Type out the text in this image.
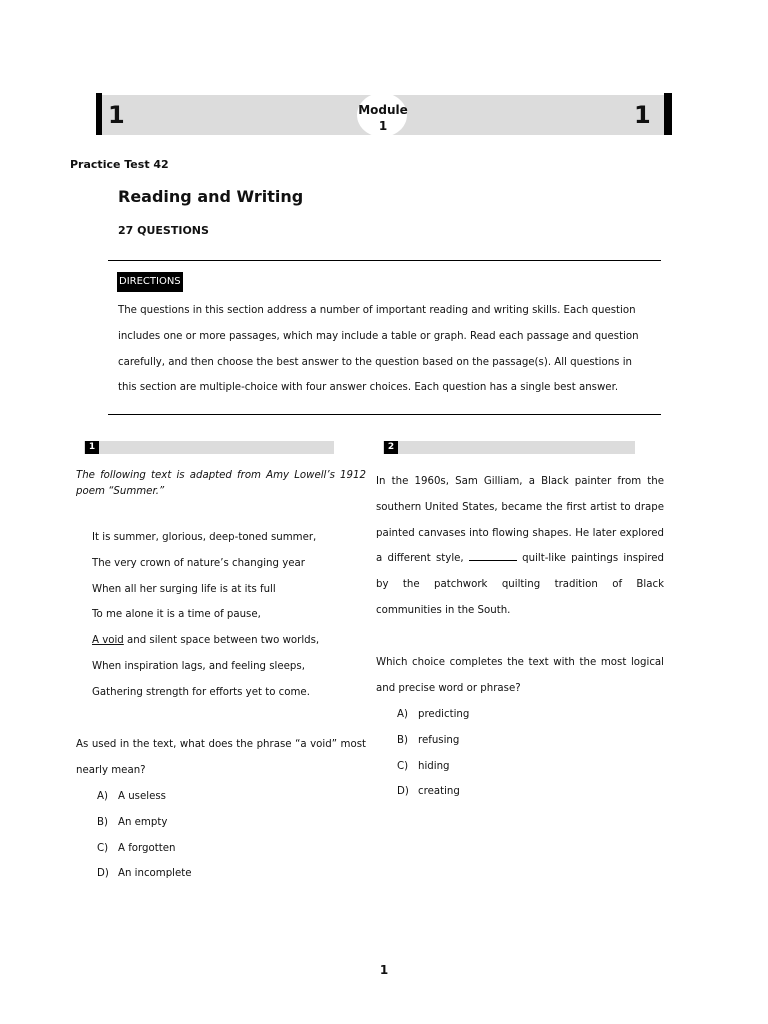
1	1
Module
1
Practice Test 42
Reading and Writing
27 QUESTIONS
DIRECTIONS
The questions in this section address a number of important reading and writing skills. Each question includes one or more passages, which may include a table or graph. Read each passage and question carefully, and then choose the best answer to the question based on the passage(s). All questions in this section are multiple-choice with four answer choices. Each question has a single best answer.
1	2
The following text is adapted from Amy Lowell’s 1912 poem “Summer.”
It is summer, glorious, deep-toned summer,
The very crown of nature’s changing year
When all her surging life is at its full
To me alone it is a time of pause,
A void and silent space between two worlds,
When inspiration lags, and feeling sleeps,
Gathering strength for efforts yet to come.
As used in the text, what does the phrase “a void” most nearly mean?
A) A useless
B) An empty
C) A forgotten
D) An incomplete
In the 1960s, Sam Gilliam, a Black painter from the southern United States, became the first artist to drape painted canvases into flowing shapes. He later explored a different style,	quilt-like paintings inspired by the patchwork quilting tradition of Black communities in the South.
Which choice completes the text with the most logical and precise word or phrase?
A) predicting
B) refusing
C) hiding
D) creating
1
